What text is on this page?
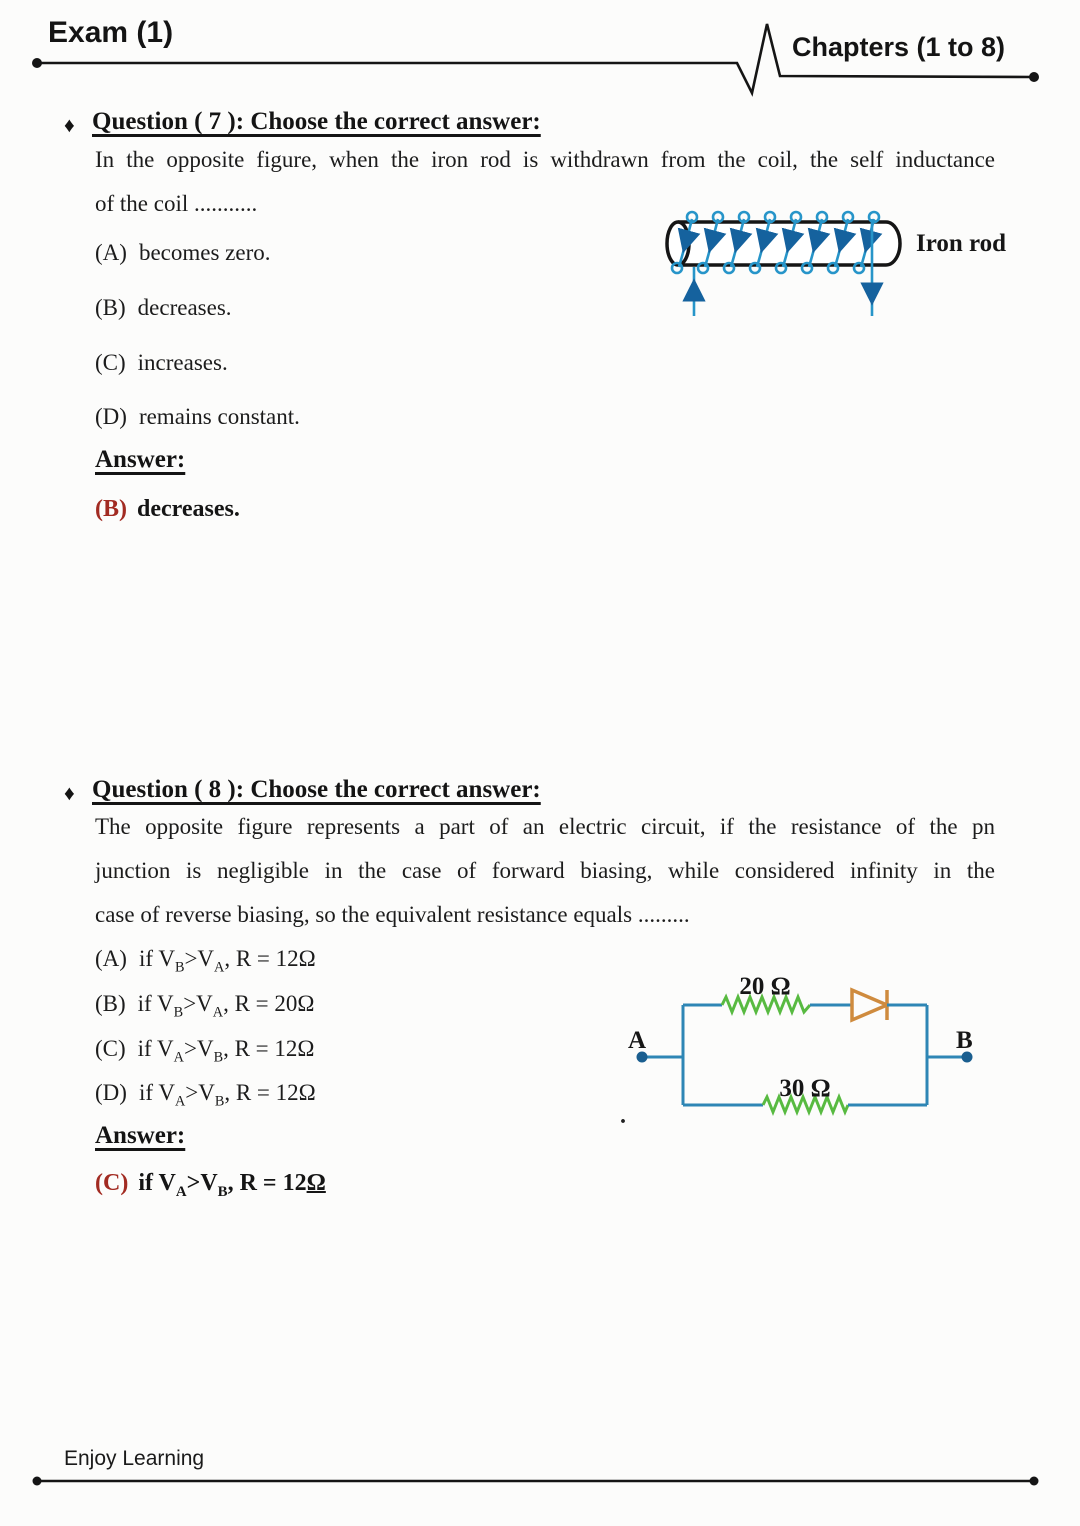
Exam (1)	Chapters (1 to 8)
♦ Question ( 7 ): Choose the correct answer:
In the opposite figure, when the iron rod is withdrawn from the coil, the self inductance
of the coil ...........
Iron rod
(A) becomes zero.
(B) decreases.
(C) increases.
(D) remains constant.
Answer:
(B) decreases.
♦ Question ( 8 ): Choose the correct answer:
The opposite figure represents a part of an electric circuit, if the resistance of the pn
junction is negligible in the case of forward biasing, while considered infinity in the
case of reverse biasing, so the equivalent resistance equals .........
A	B
20 Ω
30 Ω
.
(A) if $V_B>V_A$, R = 12Ω
(B) if $V_B>V_A$, R = 20Ω
(C) if $V_A>V_B$, R = 12Ω
(D) if $V_A>V_B$, R = 12Ω
Answer:
(C) if $V_A>V_B$, R = 12Ω
Enjoy Learning
